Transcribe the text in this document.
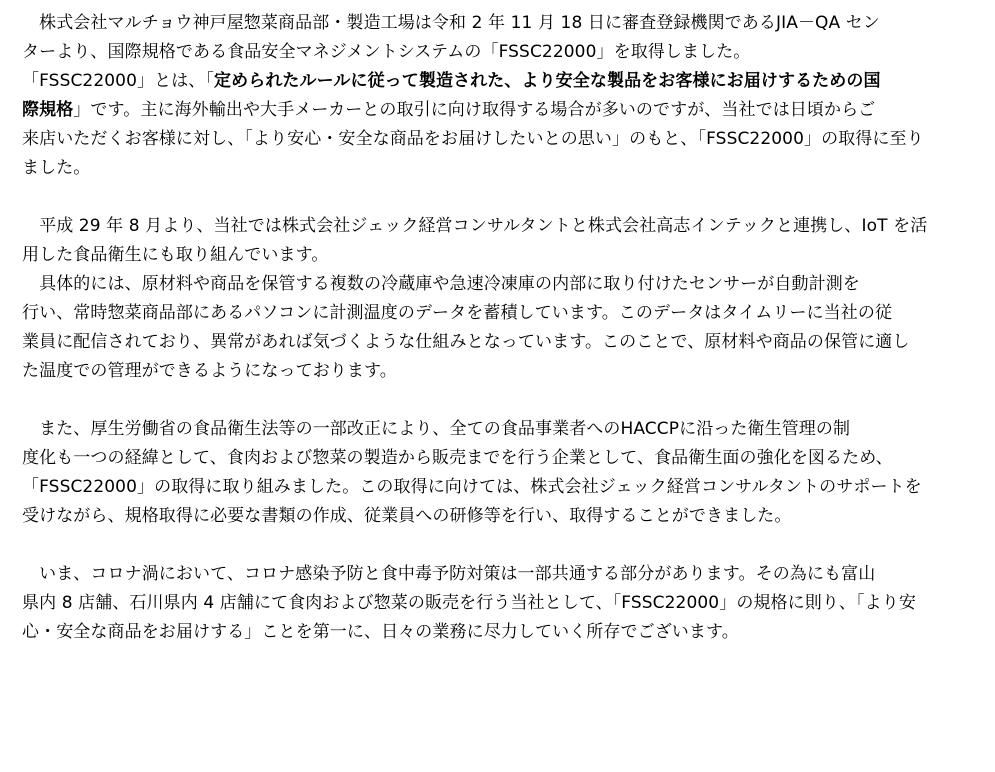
　株式会社マルチョウ神戸屋惣菜商品部・製造工場は令和 2 年 11 月 18 日に審査登録機関であるJIA－QA セン
ターより、国際規格である食品安全マネジメントシステムの「FSSC22000」を取得しました。
「FSSC22000」とは、「定められたルールに従って製造された、より安全な製品をお客様にお届けするための国
際規格」です。主に海外輸出や大手メーカーとの取引に向け取得する場合が多いのですが、当社では日頃からご
来店いただくお客様に対し、「より安心・安全な商品をお届けしたいとの思い」のもと、「FSSC22000」の取得に至り
ました。
　平成 29 年 8 月より、当社では株式会社ジェック経営コンサルタントと株式会社高志インテックと連携し、IoT を活
用した食品衛生にも取り組んでいます。
　具体的には、原材料や商品を保管する複数の冷蔵庫や急速冷凍庫の内部に取り付けたセンサーが自動計測を
行い、常時惣菜商品部にあるパソコンに計測温度のデータを蓄積しています。このデータはタイムリーに当社の従
業員に配信されており、異常があれば気づくような仕組みとなっています。このことで、原材料や商品の保管に適し
た温度での管理ができるようになっております。
　また、厚生労働省の食品衛生法等の一部改正により、全ての食品事業者へのHACCPに沿った衛生管理の制
度化も一つの経緯として、食肉および惣菜の製造から販売までを行う企業として、食品衛生面の強化を図るため、
「FSSC22000」の取得に取り組みました。この取得に向けては、株式会社ジェック経営コンサルタントのサポートを
受けながら、規格取得に必要な書類の作成、従業員への研修等を行い、取得することができました。
　いま、コロナ渦において、コロナ感染予防と食中毒予防対策は一部共通する部分があります。その為にも富山
県内 8 店舗、石川県内 4 店舗にて食肉および惣菜の販売を行う当社として、「FSSC22000」の規格に則り、「より安
心・安全な商品をお届けする」ことを第一に、日々の業務に尽力していく所存でございます。
